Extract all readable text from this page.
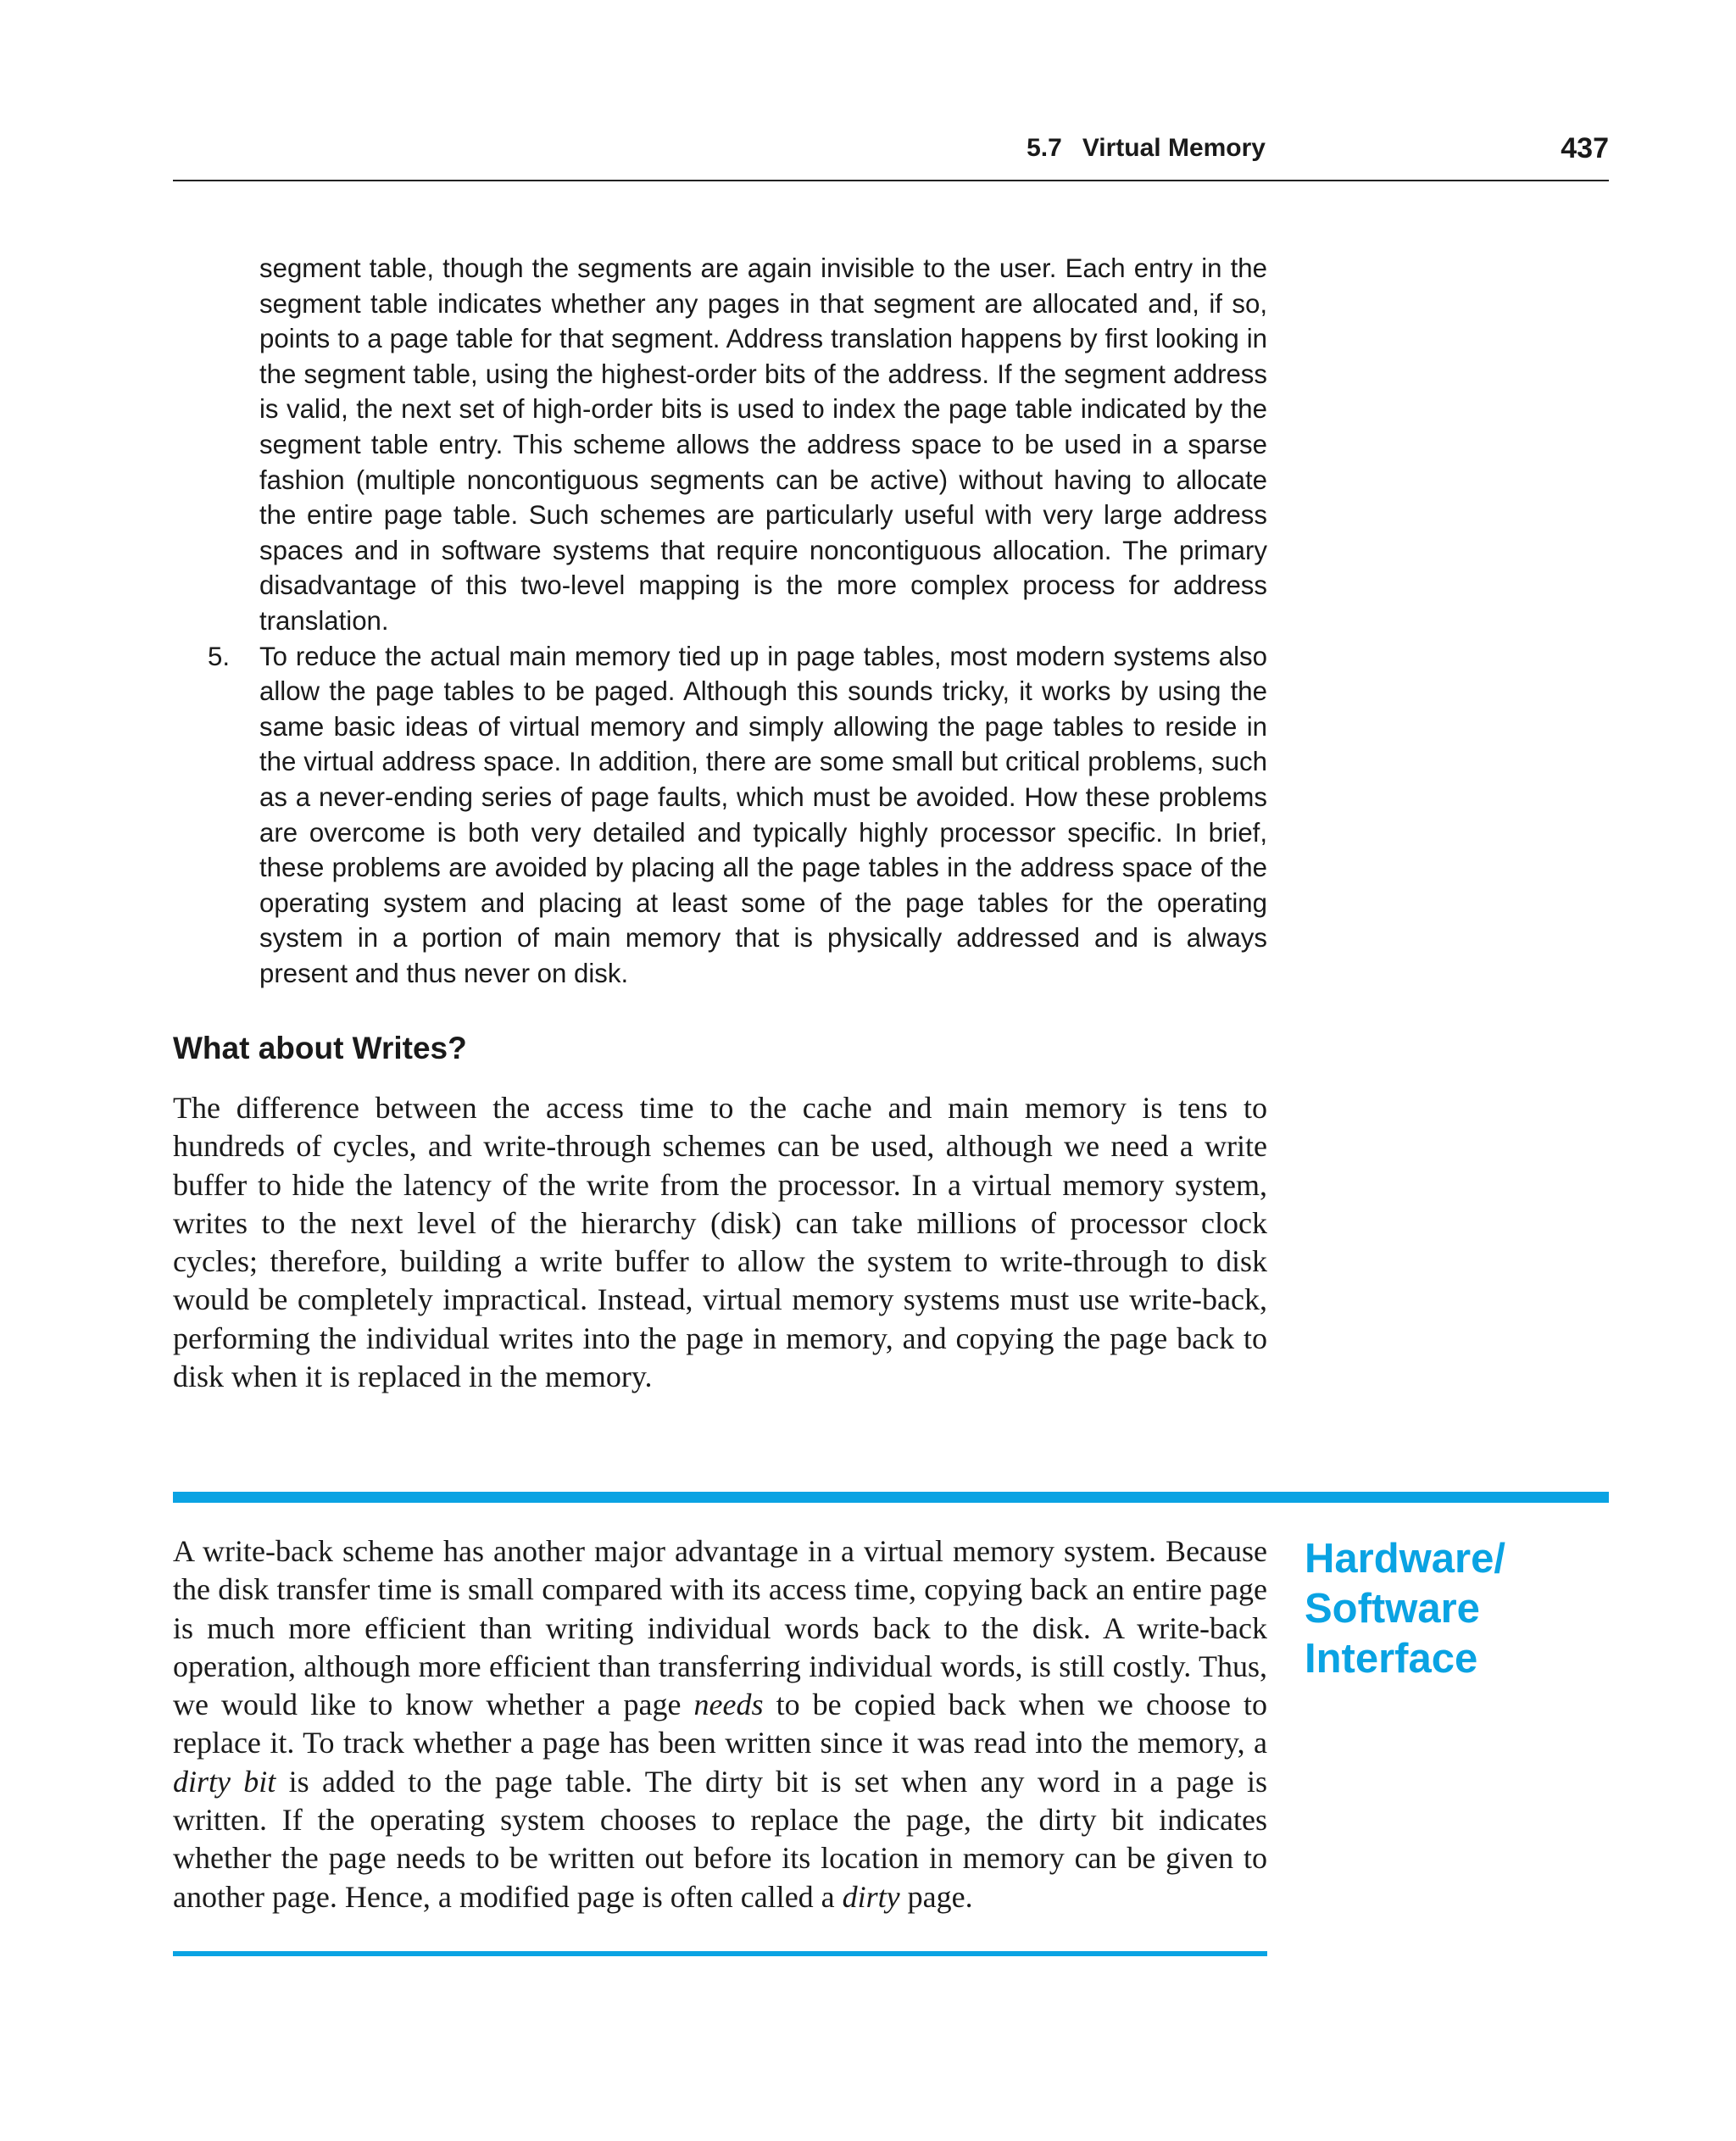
5.7 Virtual Memory	437

segment table, though the segments are again invisible to the user. Each entry in the segment table indicates whether any pages in that segment are allocated and, if so, points to a page table for that segment. Address translation happens by first looking in the segment table, using the highest-order bits of the address. If the segment address is valid, the next set of high-order bits is used to index the page table indicated by the segment table entry. This scheme allows the address space to be used in a sparse fashion (multiple noncontiguous segments can be active) without having to allocate the entire page table. Such schemes are particularly useful with very large address spaces and in software systems that require noncontiguous allocation. The primary disadvantage of this two-level mapping is the more complex process for address translation.

5.	To reduce the actual main memory tied up in page tables, most modern systems also allow the page tables to be paged. Although this sounds tricky, it works by using the same basic ideas of virtual memory and simply allowing the page tables to reside in the virtual address space. In addition, there are some small but critical problems, such as a never-ending series of page faults, which must be avoided. How these problems are overcome is both very detailed and typically highly processor specific. In brief, these problems are avoided by placing all the page tables in the address space of the operating system and placing at least some of the page tables for the operating system in a portion of main memory that is physically addressed and is always present and thus never on disk.

What about Writes?

The difference between the access time to the cache and main memory is tens to hundreds of cycles, and write-through schemes can be used, although we need a write buffer to hide the latency of the write from the processor. In a virtual memory system, writes to the next level of the hierarchy (disk) can take millions of processor clock cycles; therefore, building a write buffer to allow the system to write-through to disk would be completely impractical. Instead, virtual memory systems must use write-back, performing the individual writes into the page in memory, and copying the page back to disk when it is replaced in the memory.

A write-back scheme has another major advantage in a virtual memory system. Because the disk transfer time is small compared with its access time, copying back an entire page is much more efficient than writing individual words back to the disk. A write-back operation, although more efficient than transferring individual words, is still costly. Thus, we would like to know whether a page needs to be copied back when we choose to replace it. To track whether a page has been written since it was read into the memory, a dirty bit is added to the page table. The dirty bit is set when any word in a page is written. If the operating system chooses to replace the page, the dirty bit indicates whether the page needs to be written out before its location in memory can be given to another page. Hence, a modified page is often called a dirty page.

Hardware/
Software
Interface
